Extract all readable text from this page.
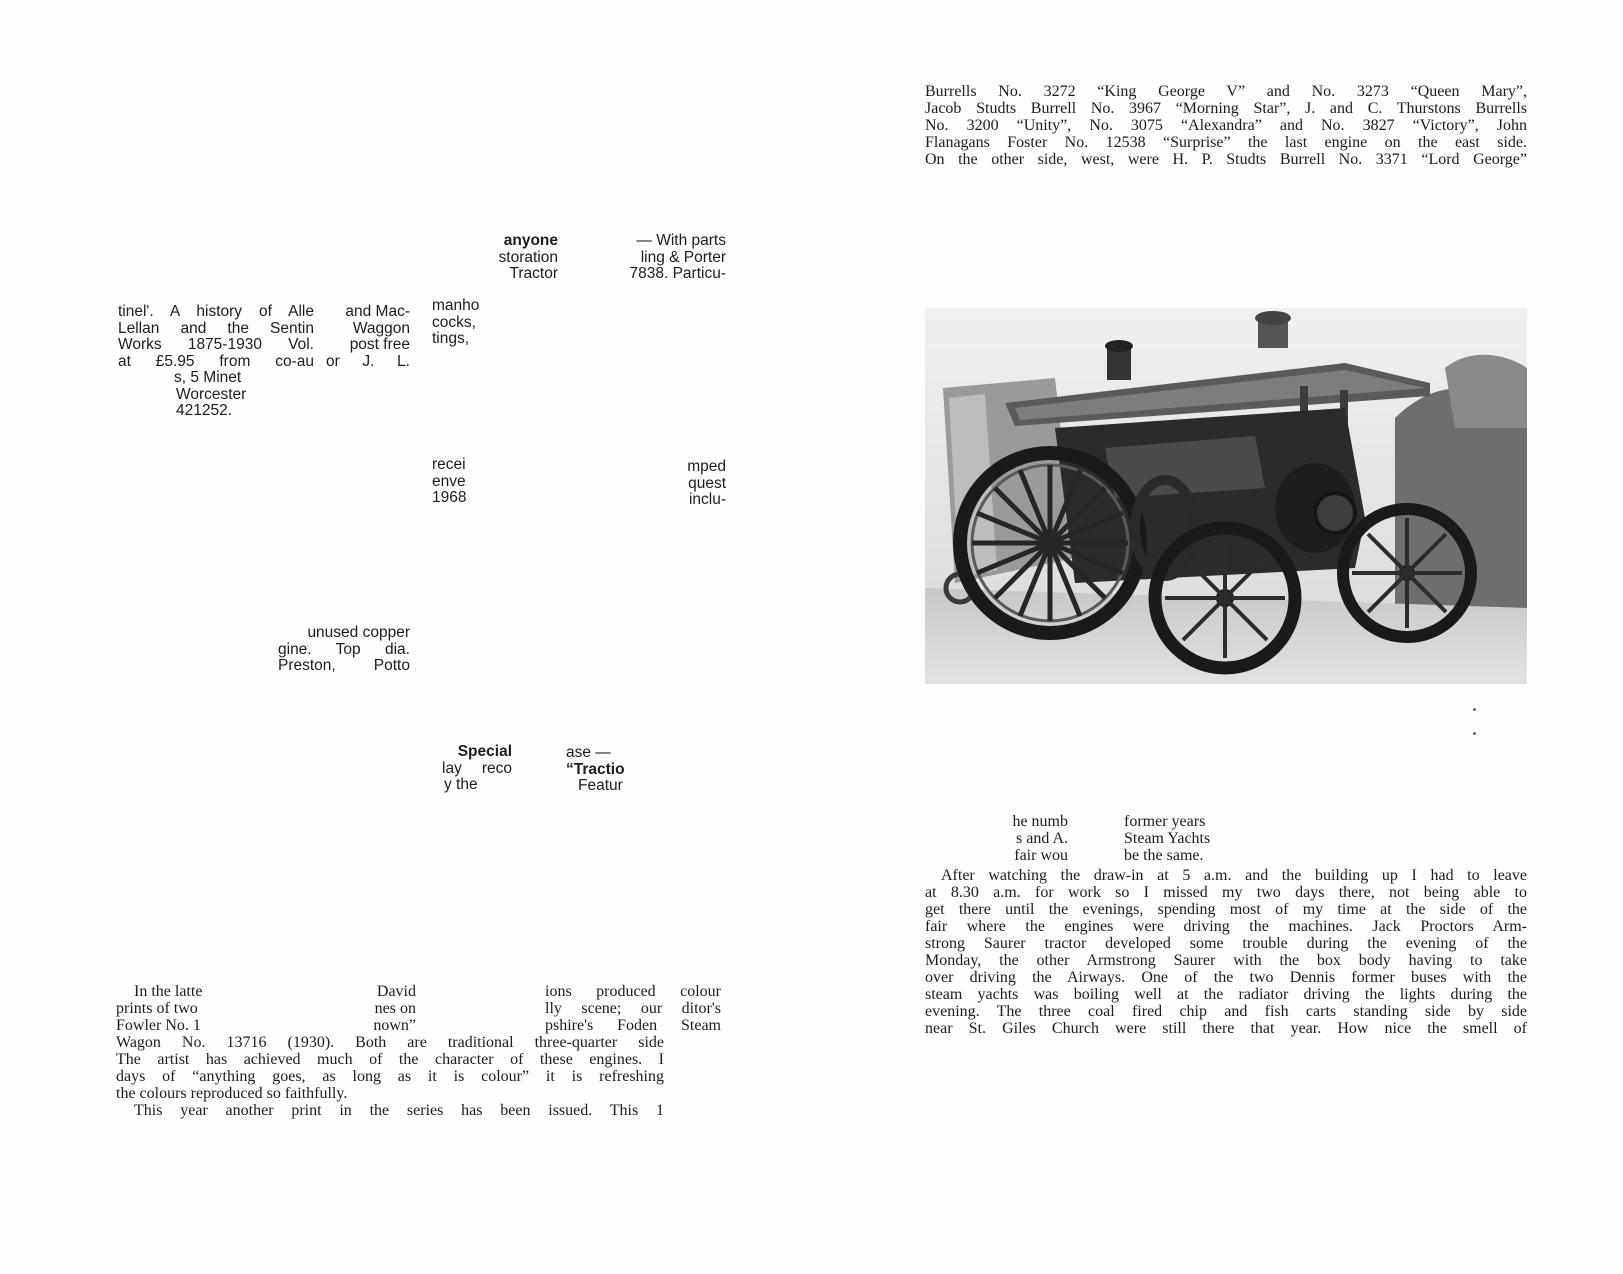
Burrells No. 3272 “King George V” and No. 3273 “Queen Mary”,
Jacob Studts Burrell No. 3967 “Morning Star”, J. and C. Thurstons Burrells
No. 3200 “Unity”, No. 3075 “Alexandra” and No. 3827 “Victory”, John
Flanagans Foster No. 12538 “Surprise” the last engine on the east side.
On the other side, west, were H. P. Studts Burrell No. 3371 “Lord George”
anyone
storation
Tractor
— With parts
ling & Porter
7838. Particu-
tinel'. A history of Alle
Lellan and the Sentin
Works 1875-1930 Vol.
at £5.95 from co-au
s, 5 Minet
Worcester
421252.
and Mac-
Waggon
post free
or J. L.
manho
cocks,
tings,
recei
enve
1968
mped
quest
inclu-
unused copper
gine. Top dia.
Preston, Potto
Special
lay reco
y the
ase —
“Tractio
Featur
In the latte
prints of two
Fowler No. 1
David
nes on
nown”
ions produced colour
lly scene; our ditor's
pshire's Foden Steam
Wagon No. 13716 (1930). Both are traditional three-quarter side
The artist has achieved much of the character of these engines. I
days of “anything goes, as long as it is colour” it is refreshing
the colours reproduced so faithfully.
This year another print in the series has been issued. This 1
he numb
s and A.
fair wou
former years
Steam Yachts
be the same.
After watching the draw-in at 5 a.m. and the building up I had to leave
at 8.30 a.m. for work so I missed my two days there, not being able to
get there until the evenings, spending most of my time at the side of the
fair where the engines were driving the machines. Jack Proctors Arm-
strong Saurer tractor developed some trouble during the evening of the
Monday, the other Armstrong Saurer with the box body having to take
over driving the Airways. One of the two Dennis former buses with the
steam yachts was boiling well at the radiator driving the lights during the
evening. The three coal fired chip and fish carts standing side by side
near St. Giles Church were still there that year. How nice the smell of
